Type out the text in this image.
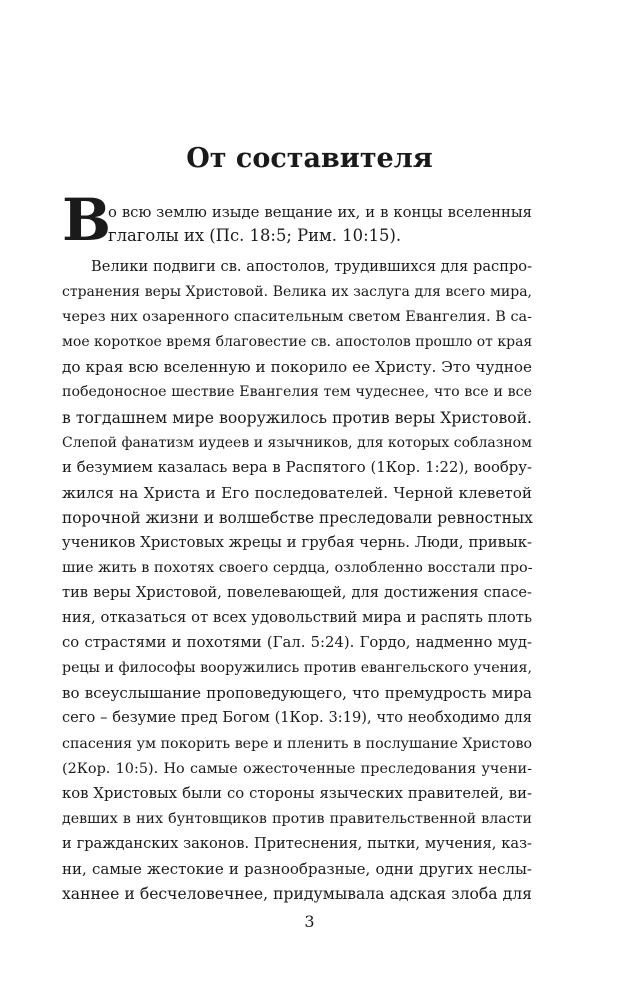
От составителя
В
о всю землю изыде вещание их, и в концы вселенныя
глаголы их (Пс. 18:5; Рим. 10:15).
Велики подвиги св. апостолов, трудившихся для распро-
странения веры Христовой. Велика их заслуга для всего мира,
через них озаренного спасительным светом Евангелия. В са-
мое короткое время благовестие св. апостолов прошло от края
до края всю вселенную и покорило ее Христу. Это чудное
победоносное шествие Евангелия тем чудеснее, что все и все
в тогдашнем мире вооружилось против веры Христовой.
Слепой фанатизм иудеев и язычников, для которых соблазном
и безумием казалась вера в Распятого (1Кор. 1:22), вообру-
жился на Христа и Его последователей. Черной клеветой
порочной жизни и волшебстве преследовали ревностных
учеников Христовых жрецы и грубая чернь. Люди, привык-
шие жить в похотях своего сердца, озлобленно восстали про-
тив веры Христовой, повелевающей, для достижения спасе-
ния, отказаться от всех удовольствий мира и распять плоть
со страстями и похотями (Гал. 5:24). Гордо, надменно муд-
рецы и философы вооружились против евангельского учения,
во всеуслышание проповедующего, что премудрость мира
сего – безумие пред Богом (1Кор. 3:19), что необходимо для
спасения ум покорить вере и пленить в послушание Христово
(2Кор. 10:5). Но самые ожесточенные преследования учени-
ков Христовых были со стороны языческих правителей, ви-
девших в них бунтовщиков против правительственной власти
и гражданских законов. Притеснения, пытки, мучения, каз-
ни, самые жестокие и разнообразные, одни других неслы-
ханнее и бесчеловечнее, придумывала адская злоба для
3
